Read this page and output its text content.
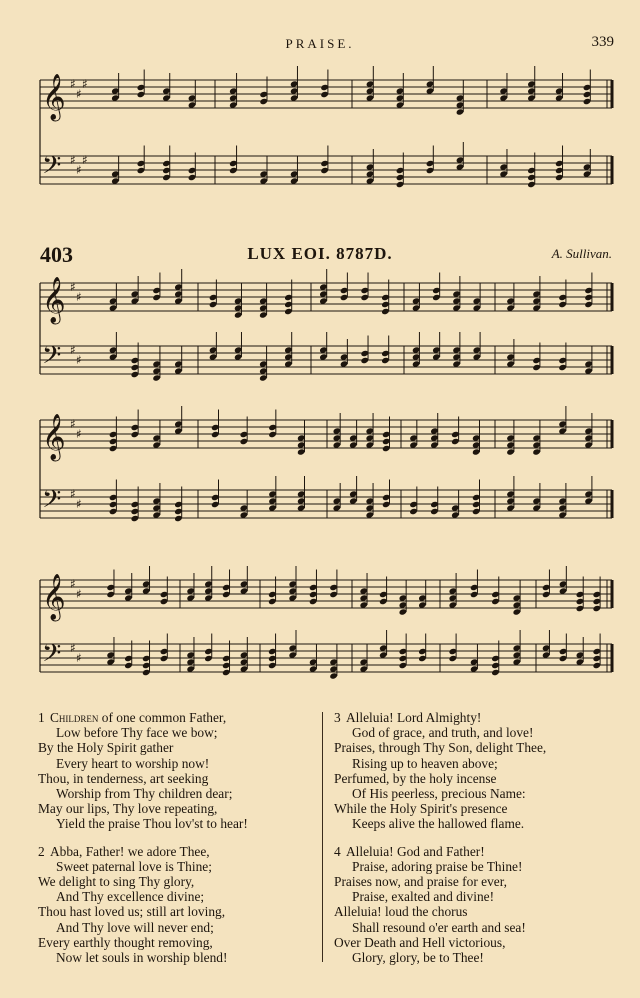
PRAISE.	339
403	LUX EOI. 8787D.	A. Sullivan.
𝄞 ♯
♯
♯
𝄢 ♯
♯
♯
𝄞 ♯
♯
𝄢 ♯
♯
𝄞 ♯
♯
𝄢 ♯
♯
𝄞 ♯
♯
𝄢 ♯
♯
1 Children of one common Father,
Low before Thy face we bow;
By the Holy Spirit gather
Every heart to worship now!
Thou, in tenderness, art seeking
Worship from Thy children dear;
May our lips, Thy love repeating,
Yield the praise Thou lov'st to hear!
2 Abba, Father! we adore Thee,
Sweet paternal love is Thine;
We delight to sing Thy glory,
And Thy excellence divine;
Thou hast loved us; still art loving,
And Thy love will never end;
Every earthly thought removing,
Now let souls in worship blend!
3 Alleluia! Lord Almighty!
God of grace, and truth, and love!
Praises, through Thy Son, delight Thee,
Rising up to heaven above;
Perfumed, by the holy incense
Of His peerless, precious Name:
While the Holy Spirit's presence
Keeps alive the hallowed flame.
4 Alleluia! God and Father!
Praise, adoring praise be Thine!
Praises now, and praise for ever,
Praise, exalted and divine!
Alleluia! loud the chorus
Shall resound o'er earth and sea!
Over Death and Hell victorious,
Glory, glory, be to Thee!
